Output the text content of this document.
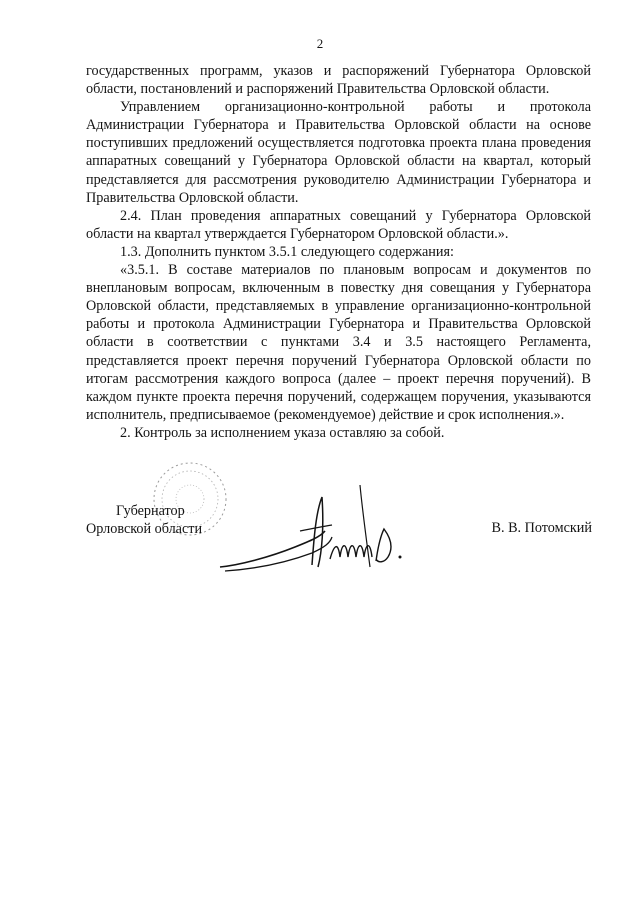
2

государственных программ, указов и распоряжений Губернатора Орловской области, постановлений и распоряжений Правительства Орловской области.

Управлением организационно-контрольной работы и протокола Администрации Губернатора и Правительства Орловской области на основе поступивших предложений осуществляется подготовка проекта плана проведения аппаратных совещаний у Губернатора Орловской области на квартал, который представляется для рассмотрения руководителю Администрации Губернатора и Правительства Орловской области.

2.4. План проведения аппаратных совещаний у Губернатора Орловской области на квартал утверждается Губернатором Орловской области.».

1.3. Дополнить пунктом 3.5.1 следующего содержания:

«3.5.1. В составе материалов по плановым вопросам и документов по внеплановым вопросам, включенным в повестку дня совещания у Губернатора Орловской области, представляемых в управление организационно-контрольной работы и протокола Администрации Губернатора и Правительства Орловской области в соответствии с пунктами 3.4 и 3.5 настоящего Регламента, представляется проект перечня поручений Губернатора Орловской области по итогам рассмотрения каждого вопроса (далее – проект перечня поручений). В каждом пункте проекта перечня поручений, содержащем поручения, указываются исполнитель, предписываемое (рекомендуемое) действие и срок исполнения.».

2. Контроль за исполнением указа оставляю за собой.

Губернатор
Орловской области	В. В. Потомский
